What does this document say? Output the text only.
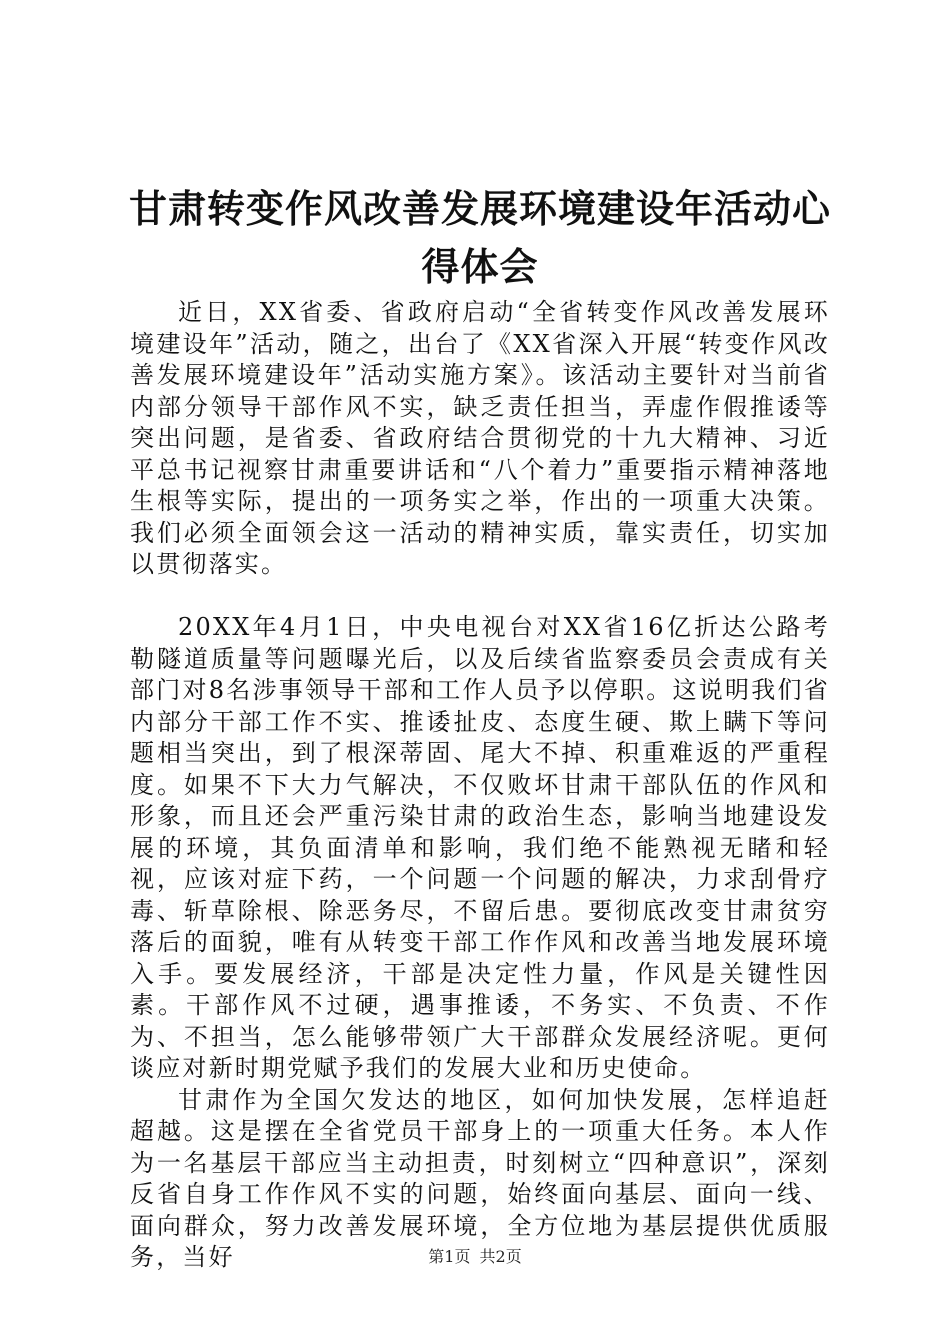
甘肃转变作风改善发展环境建设年活动心得体会

近日，XX省委、省政府启动“全省转变作风改善发展环境建设年”活动，随之，出台了《XX省深入开展“转变作风改善发展环境建设年”活动实施方案》。该活动主要针对当前省内部分领导干部作风不实，缺乏责任担当，弄虚作假推诿等突出问题，是省委、省政府结合贯彻党的十九大精神、习近平总书记视察甘肃重要讲话和“八个着力”重要指示精神落地生根等实际，提出的一项务实之举，作出的一项重大决策。我们必须全面领会这一活动的精神实质，靠实责任，切实加以贯彻落实。

20XX年4月1日，中央电视台对XX省16亿折达公路考勒隧道质量等问题曝光后，以及后续省监察委员会责成有关部门对8名涉事领导干部和工作人员予以停职。这说明我们省内部分干部工作不实、推诿扯皮、态度生硬、欺上瞒下等问题相当突出，到了根深蒂固、尾大不掉、积重难返的严重程度。如果不下大力气解决，不仅败坏甘肃干部队伍的作风和形象，而且还会严重污染甘肃的政治生态，影响当地建设发展的环境，其负面清单和影响，我们绝不能熟视无睹和轻视，应该对症下药，一个问题一个问题的解决，力求刮骨疗毒、斩草除根、除恶务尽，不留后患。要彻底改变甘肃贫穷落后的面貌，唯有从转变干部工作作风和改善当地发展环境入手。要发展经济，干部是决定性力量，作风是关键性因素。干部作风不过硬，遇事推诿，不务实、不负责、不作为、不担当，怎么能够带领广大干部群众发展经济呢。更何谈应对新时期党赋予我们的发展大业和历史使命。

甘肃作为全国欠发达的地区，如何加快发展，怎样追赶超越。这是摆在全省党员干部身上的一项重大任务。本人作为一名基层干部应当主动担责，时刻树立“四种意识”，深刻反省自身工作作风不实的问题，始终面向基层、面向一线、面向群众，努力改善发展环境，全方位地为基层提供优质服务，当好	第1页 共2页
